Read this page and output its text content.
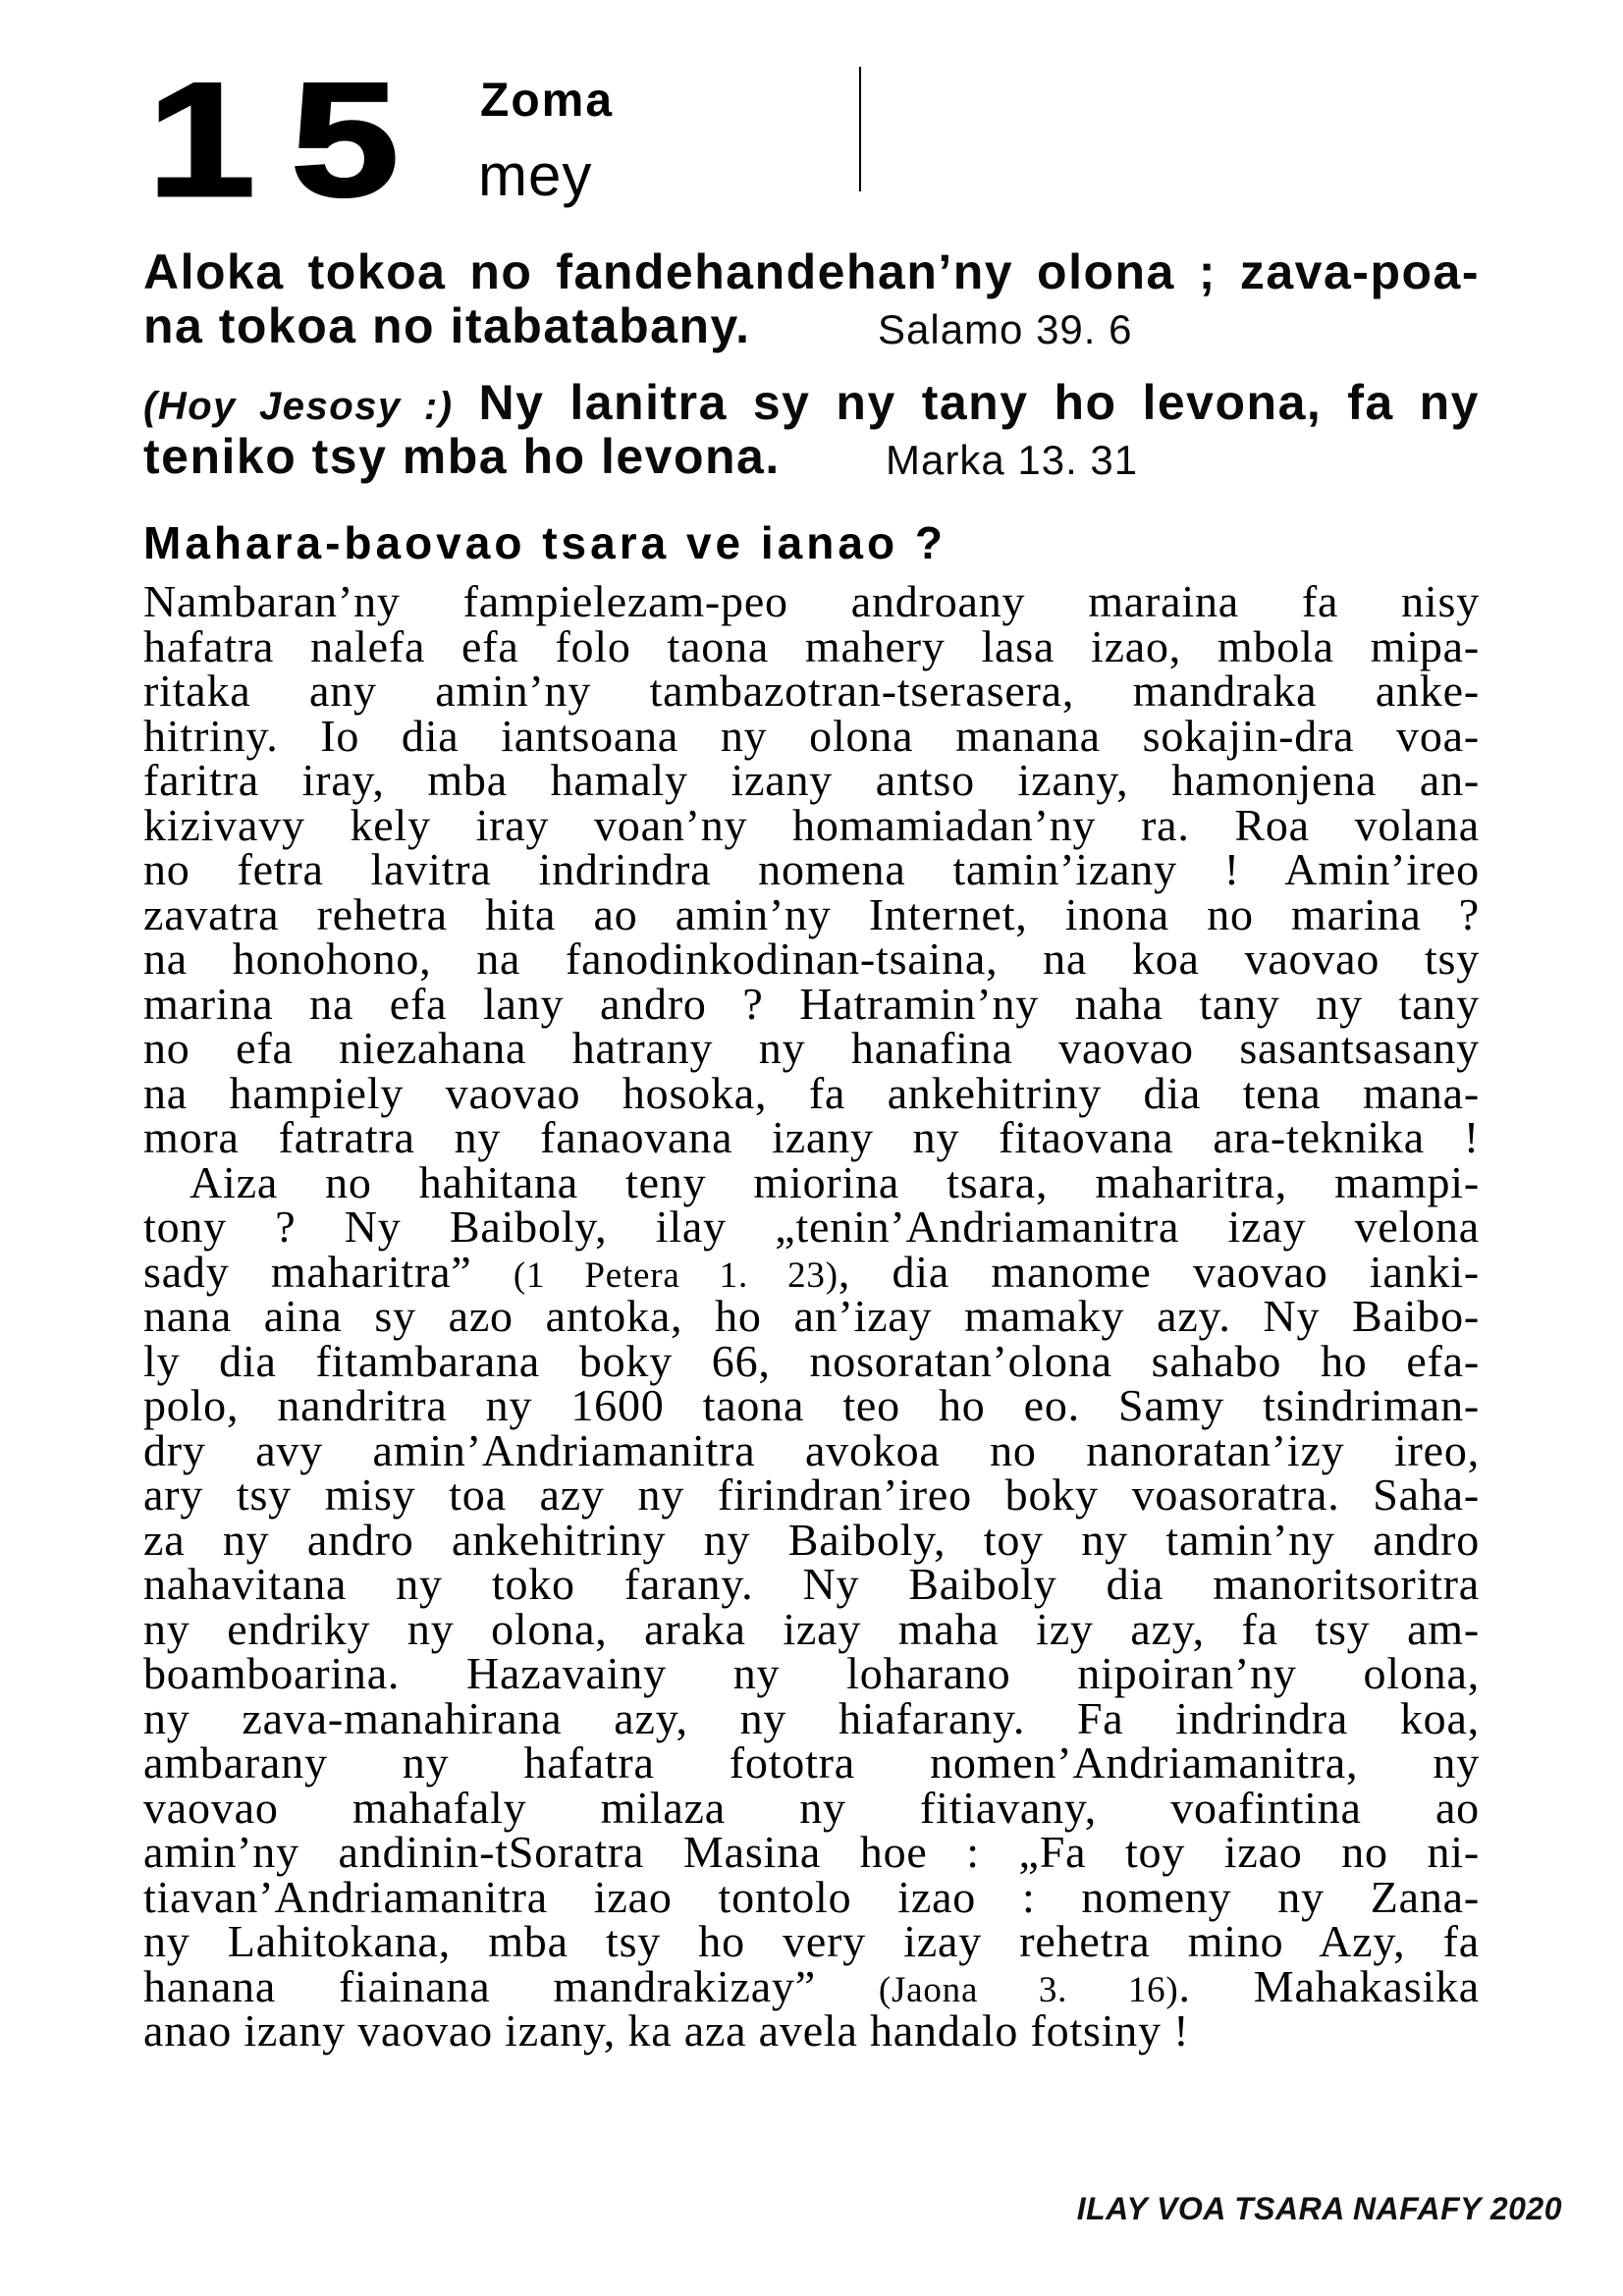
15 Zoma
mey
Aloka tokoa no fandehandehan’ny olona ; zava-poa-
na tokoa no itabatabany.	Salamo 39. 6
(Hoy Jesosy :) Ny lanitra sy ny tany ho levona, fa ny
teniko tsy mba ho levona.	Marka 13. 31
Mahara-baovao tsara ve ianao ?
Nambaran’ny fampielezam-peo androany maraina fa nisy
hafatra nalefa efa folo taona mahery lasa izao, mbola mipa-
ritaka any amin’ny tambazotran-tserasera, mandraka anke-
hitriny. Io dia iantsoana ny olona manana sokajin-dra voa-
faritra iray, mba hamaly izany antso izany, hamonjena an-
kizivavy kely iray voan’ny homamiadan’ny ra. Roa volana
no fetra lavitra indrindra nomena tamin’izany ! Amin’ireo
zavatra rehetra hita ao amin’ny Internet, inona no marina ?
na honohono, na fanodinkodinan-tsaina, na koa vaovao tsy
marina na efa lany andro ? Hatramin’ny naha tany ny tany
no efa niezahana hatrany ny hanafina vaovao sasantsasany
na hampiely vaovao hosoka, fa ankehitriny dia tena mana-
mora fatratra ny fanaovana izany ny fitaovana ara-teknika !
Aiza no hahitana teny miorina tsara, maharitra, mampi-
tony ? Ny Baiboly, ilay „tenin’Andriamanitra izay velona
sady maharitra” (1 Petera 1. 23), dia manome vaovao ianki-
nana aina sy azo antoka, ho an’izay mamaky azy. Ny Baibo-
ly dia fitambarana boky 66, nosoratan’olona sahabo ho efa-
polo, nandritra ny 1600 taona teo ho eo. Samy tsindriman-
dry avy amin’Andriamanitra avokoa no nanoratan’izy ireo,
ary tsy misy toa azy ny firindran’ireo boky voasoratra. Saha-
za ny andro ankehitriny ny Baiboly, toy ny tamin’ny andro
nahavitana ny toko farany. Ny Baiboly dia manoritsoritra
ny endriky ny olona, araka izay maha izy azy, fa tsy am-
boamboarina. Hazavainy ny loharano nipoiran’ny olona,
ny zava-manahirana azy, ny hiafarany. Fa indrindra koa,
ambarany ny hafatra fototra nomen’Andriamanitra, ny
vaovao mahafaly milaza ny fitiavany, voafintina ao
amin’ny andinin-tSoratra Masina hoe : „Fa toy izao no ni-
tiavan’Andriamanitra izao tontolo izao : nomeny ny Zana-
ny Lahitokana, mba tsy ho very izay rehetra mino Azy, fa
hanana fiainana mandrakizay” (Jaona 3. 16). Mahakasika
anao izany vaovao izany, ka aza avela handalo fotsiny !
ILAY VOA TSARA NAFAFY 2020
